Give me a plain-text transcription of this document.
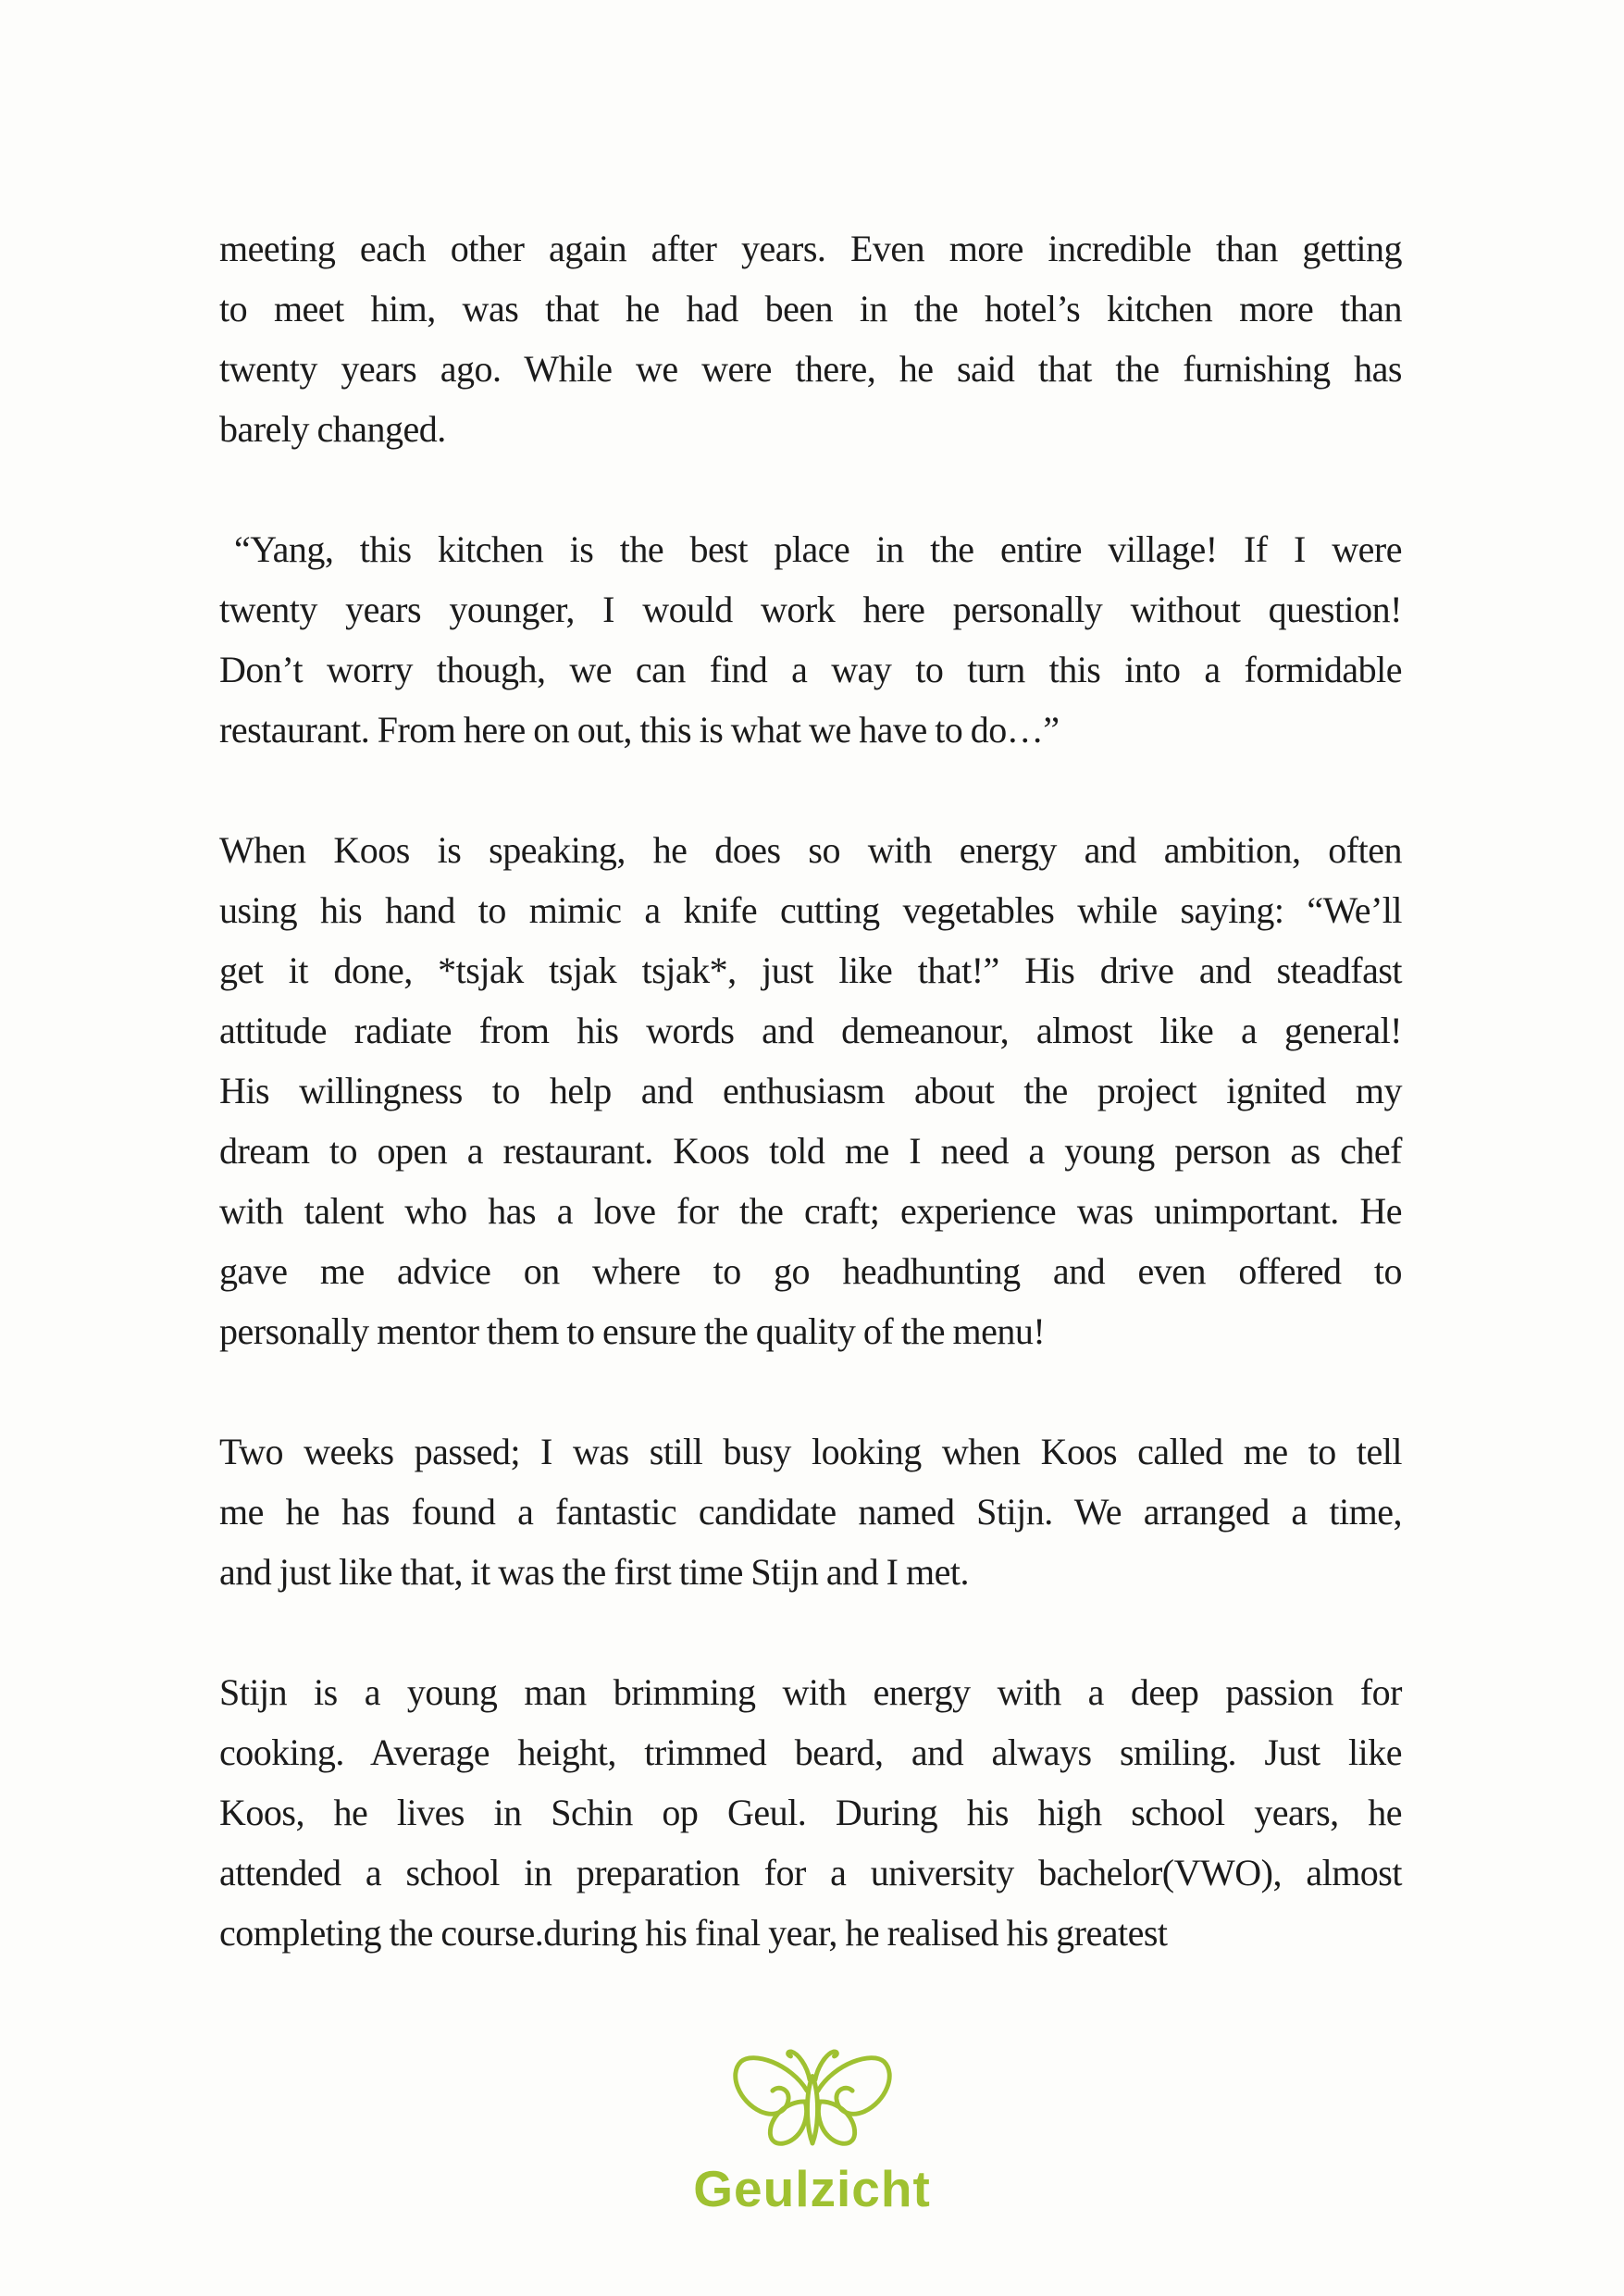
meeting each other again after years. Even more incredible than getting
to meet him, was that he had been in the hotel’s kitchen more than
twenty years ago. While we were there, he said that the furnishing has
barely changed.
“Yang, this kitchen is the best place in the entire village! If I were
twenty years younger, I would work here personally without question!
Don’t worry though, we can find a way to turn this into a formidable
restaurant. From here on out, this is what we have to do…”
When Koos is speaking, he does so with energy and ambition, often
using his hand to mimic a knife cutting vegetables while saying: “We’ll
get it done, *tsjak tsjak tsjak*, just like that!” His drive and steadfast
attitude radiate from his words and demeanour, almost like a general!
His willingness to help and enthusiasm about the project ignited my
dream to open a restaurant. Koos told me I need a young person as chef
with talent who has a love for the craft; experience was unimportant. He
gave me advice on where to go headhunting and even offered to
personally mentor them to ensure the quality of the menu!
Two weeks passed; I was still busy looking when Koos called me to tell
me he has found a fantastic candidate named Stijn. We arranged a time,
and just like that, it was the first time Stijn and I met.
Stijn is a young man brimming with energy with a deep passion for
cooking. Average height, trimmed beard, and always smiling. Just like
Koos, he lives in Schin op Geul. During his high school years, he
attended a school in preparation for a university bachelor(VWO), almost
completing the course.during his final year, he realised his greatest
Geulzicht
